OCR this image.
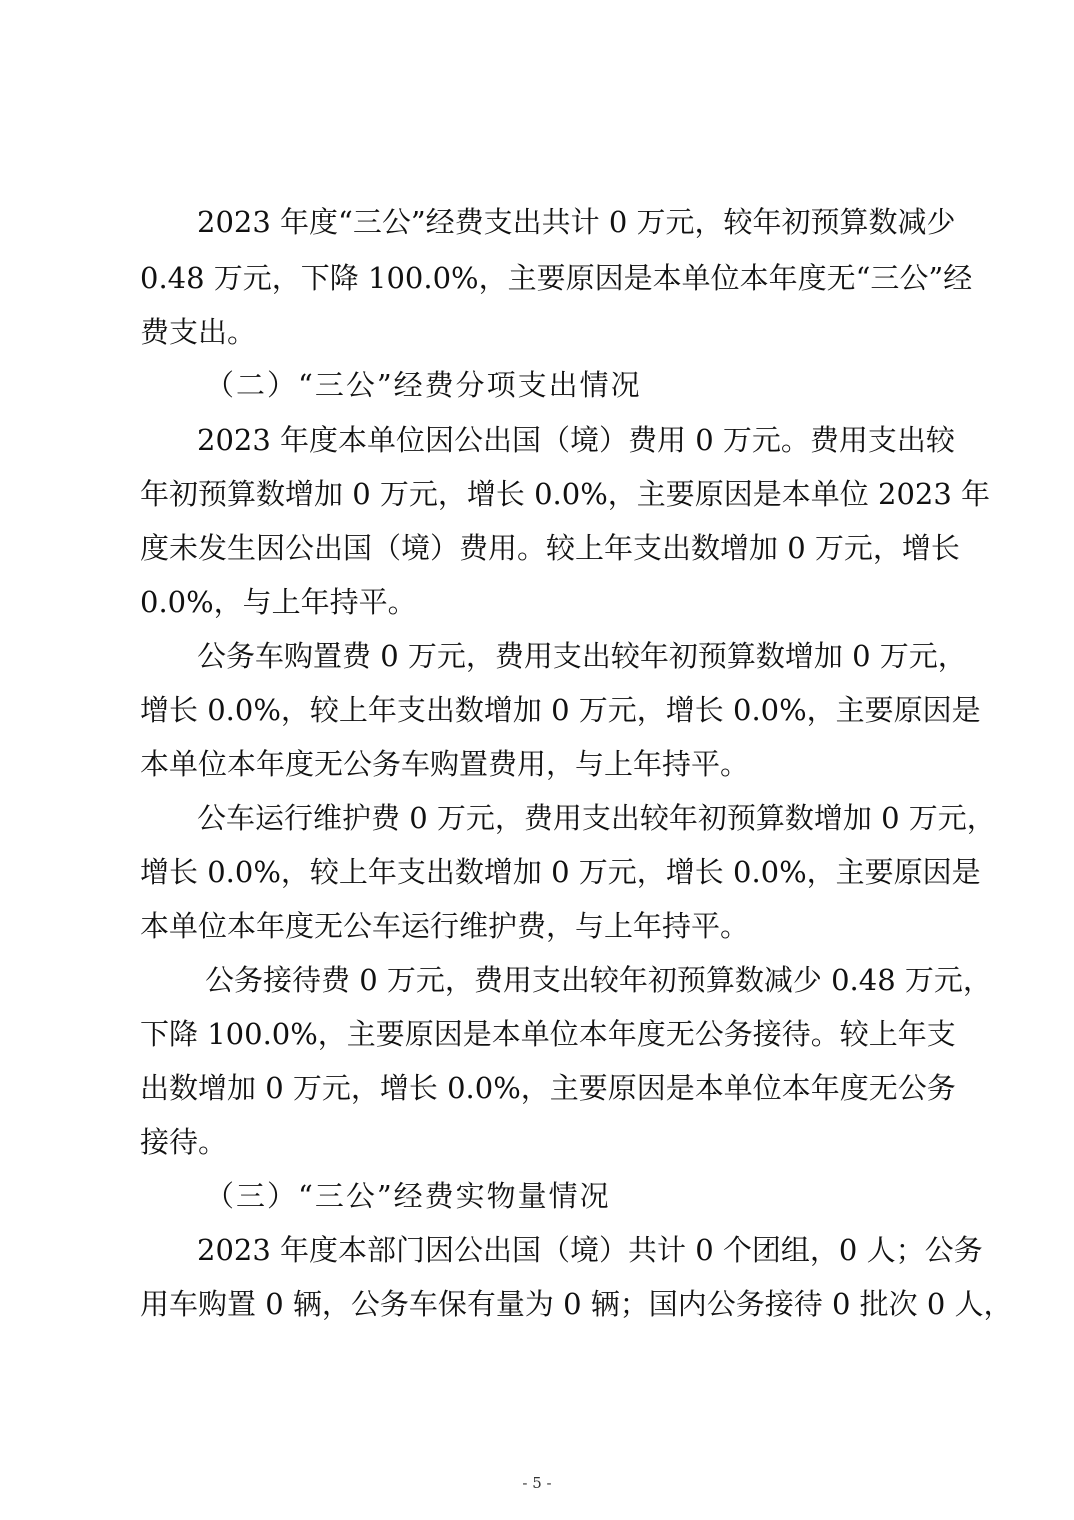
2023 年度“三公”经费支出共计 0 万元，较年初预算数减少
0.48 万元，下降 100.0%，主要原因是本单位本年度无“三公”经
费支出。
（二）“三公”经费分项支出情况
2023 年度本单位因公出国（境）费用 0 万元。费用支出较
年初预算数增加 0 万元，增长 0.0%，主要原因是本单位 2023 年
度未发生因公出国（境）费用。较上年支出数增加 0 万元，增长
0.0%，与上年持平。
公务车购置费 0 万元，费用支出较年初预算数增加 0 万元，
增长 0.0%，较上年支出数增加 0 万元，增长 0.0%，主要原因是
本单位本年度无公务车购置费用，与上年持平。
公车运行维护费 0 万元，费用支出较年初预算数增加 0 万元，
增长 0.0%，较上年支出数增加 0 万元，增长 0.0%，主要原因是
本单位本年度无公车运行维护费，与上年持平。
公务接待费 0 万元，费用支出较年初预算数减少 0.48 万元，
下降 100.0%，主要原因是本单位本年度无公务接待。较上年支
出数增加 0 万元，增长 0.0%，主要原因是本单位本年度无公务
接待。
（三）“三公”经费实物量情况
2023 年度本部门因公出国（境）共计 0 个团组，0 人；公务
用车购置 0 辆，公务车保有量为 0 辆；国内公务接待 0 批次 0 人，
- 5 -
